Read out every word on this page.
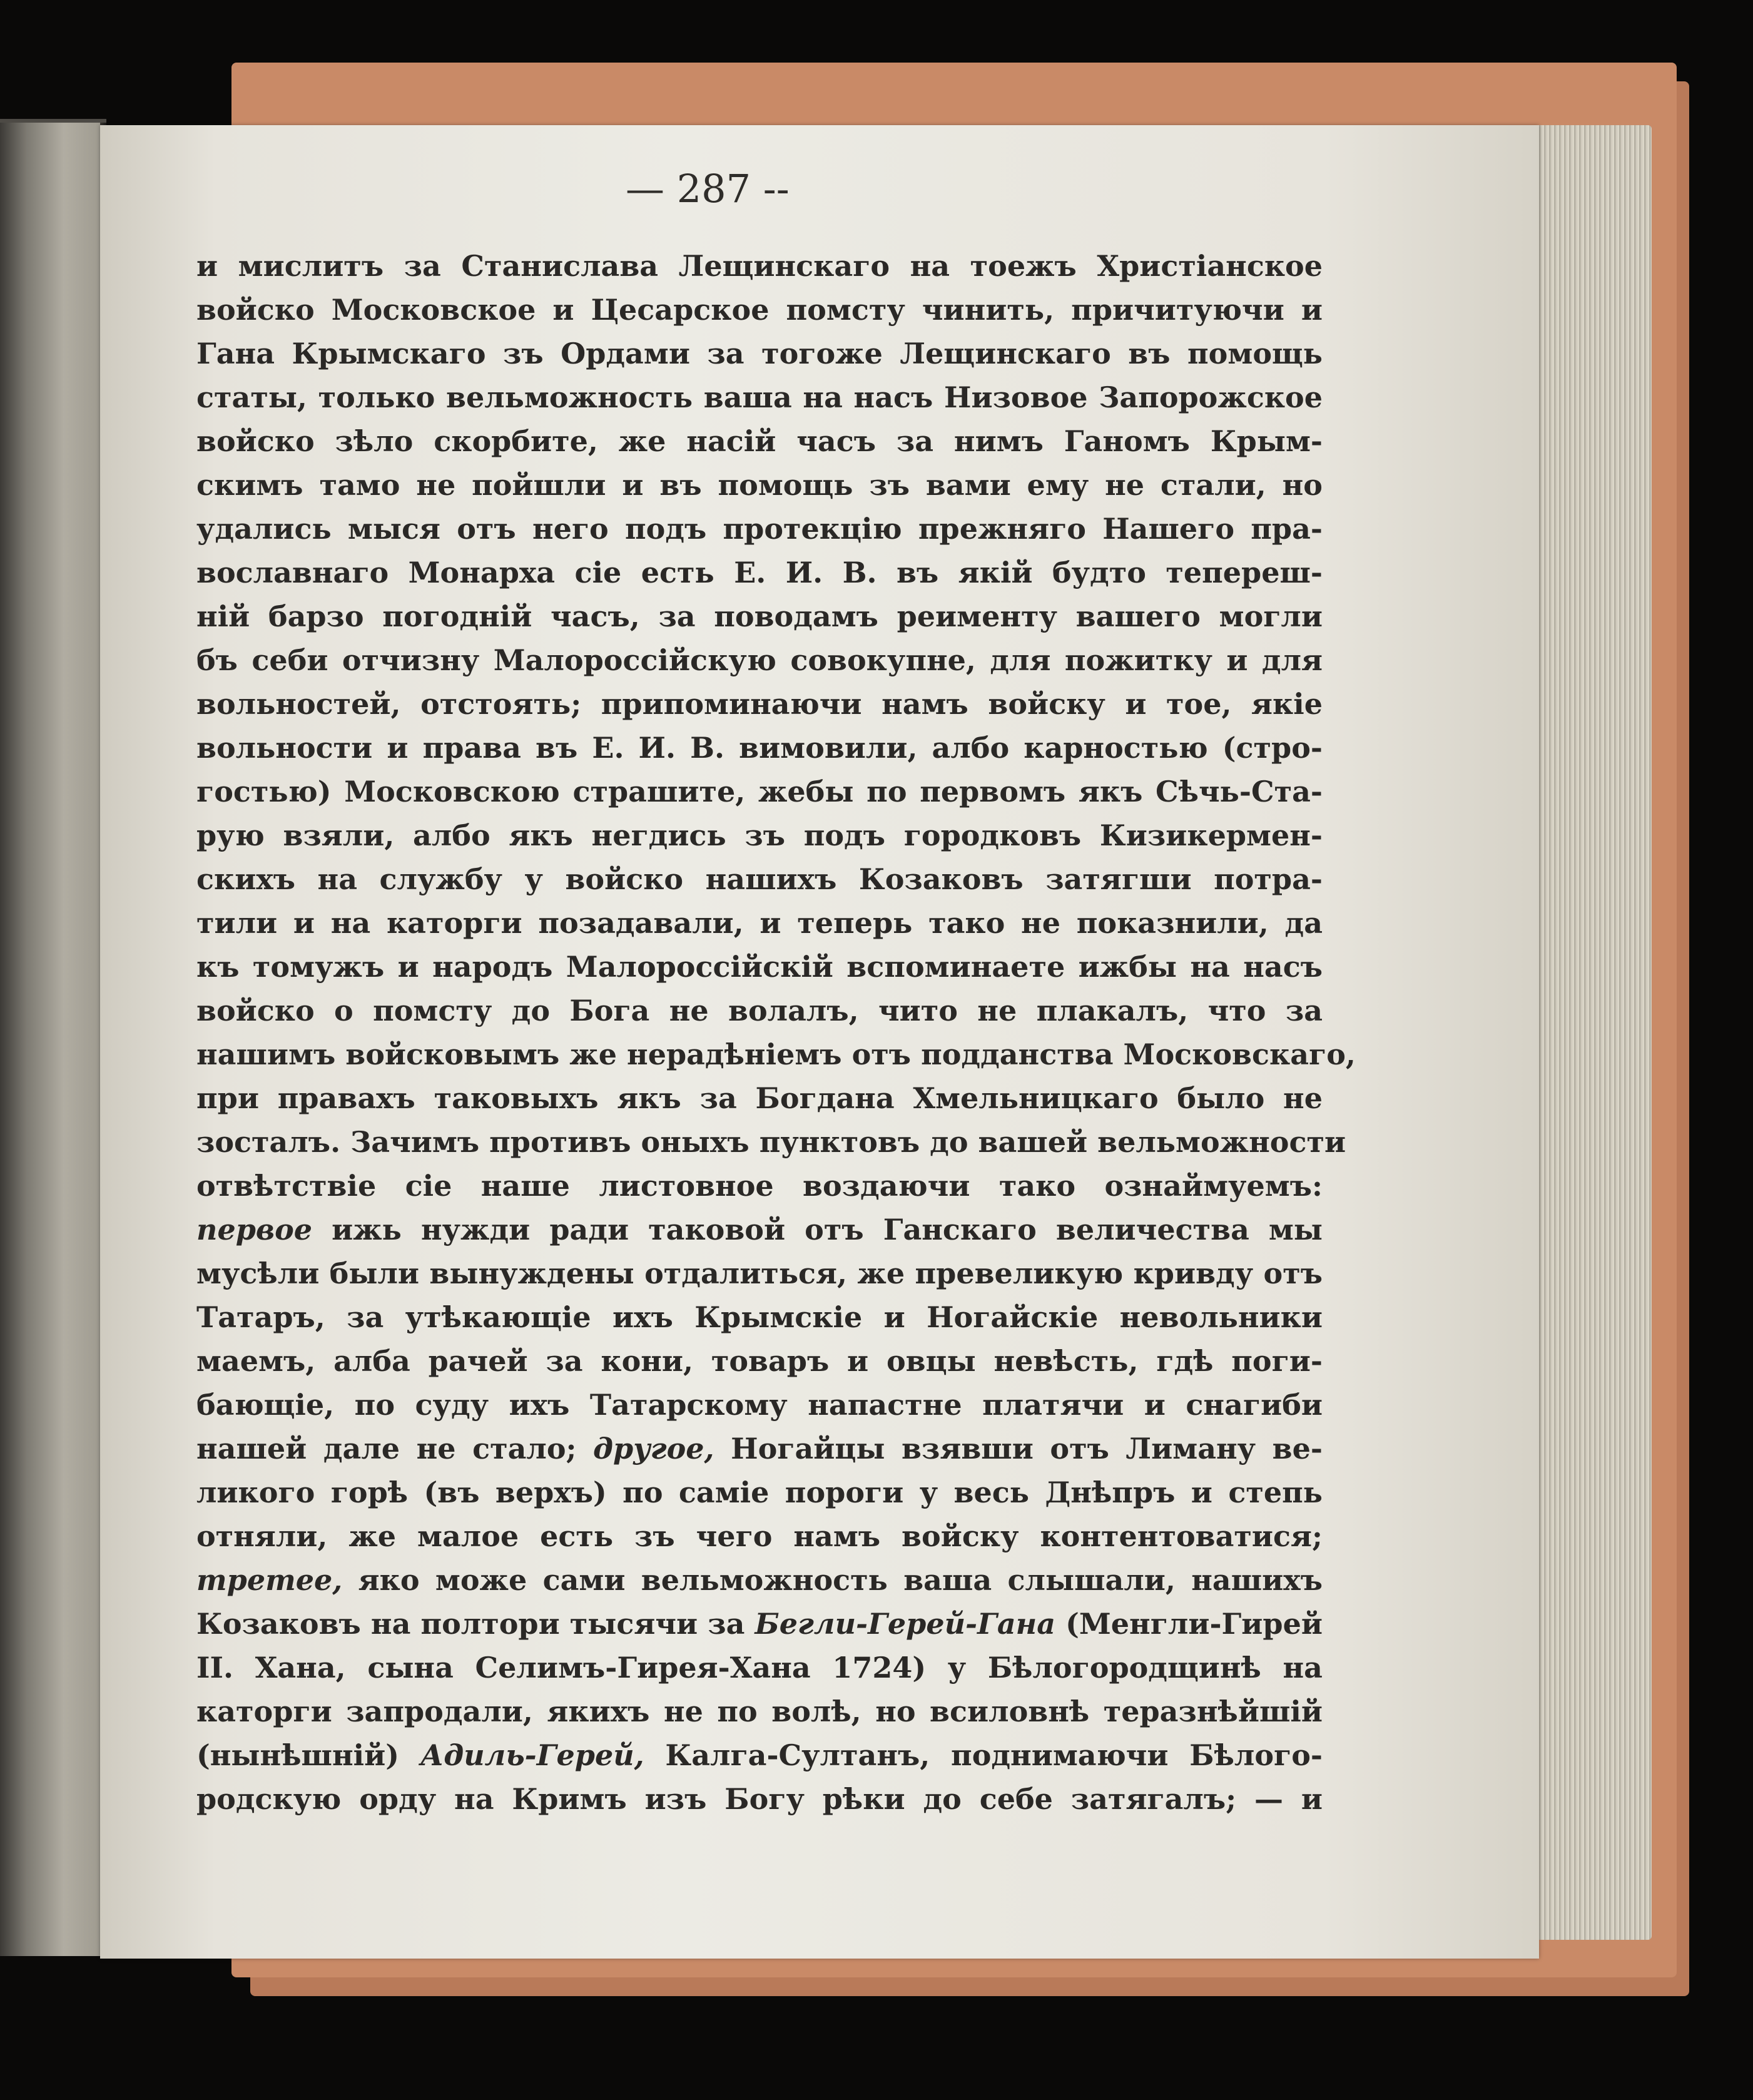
— 287 --
и мислитъ за Станислава Лещинскаго на тоежъ Христіанское
войско Московское и Цесарское помсту чинить, причитуючи и
Гана Крымскаго зъ Ордами за тогоже Лещинскаго въ помощь
статы, только вельможность ваша на насъ Низовое Запорожское
войско зѣло скорбите, же насій часъ за нимъ Ганомъ Крым-
скимъ тамо не пойшли и въ помощь зъ вами ему не стали, но
удались мыся отъ него подъ протекцію прежняго Нашего пра-
вославнаго Монарха сіе есть Е. И. В. въ якій будто тепереш-
ній барзо погодній часъ, за поводамъ реименту вашего могли
бъ себи отчизну Малороссійскую совокупне, для пожитку и для
вольностей, отстоять; припоминаючи намъ войску и тое, якіе
вольности и права въ Е. И. В. вимовили, албо карностью (стро-
гостью) Московскою страшите, жебы по первомъ якъ Сѣчь-Ста-
рую взяли, албо якъ негдись зъ подъ городковъ Кизикермен-
скихъ на службу у войско нашихъ Козаковъ затягши потра-
тили и на каторги позадавали, и теперь тако не показнили, да
къ томужъ и народъ Малороссійскій вспоминаете ижбы на насъ
войско о помсту до Бога не волалъ, чито не плакалъ, что за
нашимъ войсковымъ же нерадѣніемъ отъ подданства Московскаго,
при правахъ таковыхъ якъ за Богдана Хмельницкаго было не
зосталъ. Зачимъ противъ оныхъ пунктовъ до вашей вельможности
отвѣтствіе сіе наше листовное воздаючи тако ознаймуемъ:
первое ижь нужди ради таковой отъ Ганскаго величества мы
мусѣли были вынуждены отдалиться, же превеликую кривду отъ
Татаръ, за утѣкающіе ихъ Крымскіе и Ногайскіе невольники
маемъ, алба рачей за кони, товаръ и овцы невѣсть, гдѣ поги-
бающіе, по суду ихъ Татарскому напастне платячи и снагиби
нашей дале не стало; другое, Ногайцы взявши отъ Лиману ве-
ликого горѣ (въ верхъ) по саміе пороги у весь Днѣпръ и степь
отняли, же малое есть зъ чего намъ войску контентоватися;
третее, яко може сами вельможность ваша слышали, нашихъ
Козаковъ на полтори тысячи за Бегли-Герей-Гана (Менгли-Гирей
II. Хана, сына Селимъ-Гирея-Хана 1724) у Бѣлогородщинѣ на
каторги запродали, якихъ не по волѣ, но всиловнѣ теразнѣйшій
(нынѣшній) Адиль-Герей, Калга-Султанъ, поднимаючи Бѣлого-
родскую орду на Кримъ изъ Богу рѣки до себе затягалъ; — и
